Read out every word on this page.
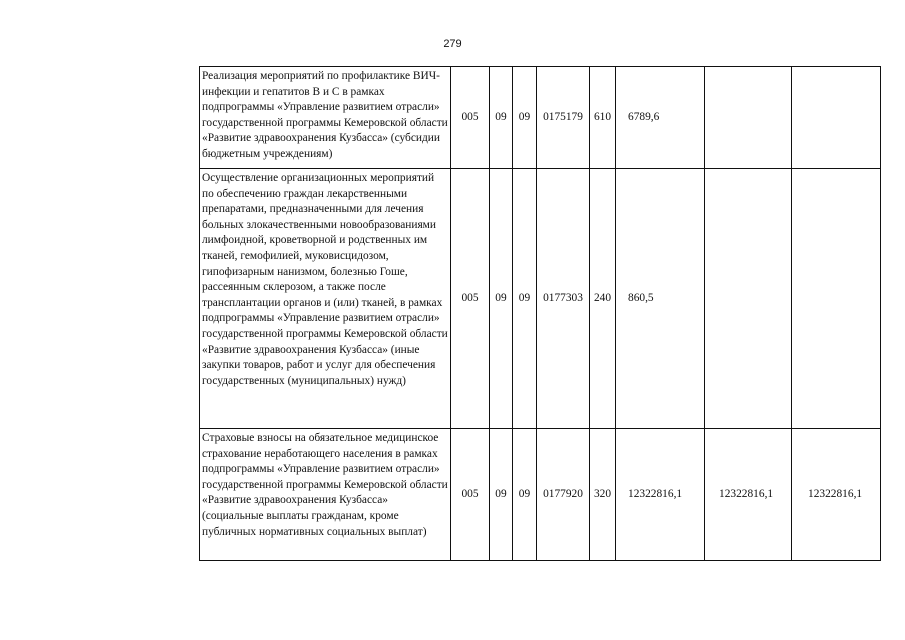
279
Реализация мероприятий по профилактике ВИЧ-инфекции и гепатитов В и С в рамках подпрограммы «Управление развитием отрасли» государственной программы Кемеровской области «Развитие здравоохранения Кузбасса» (субсидии бюджетным учреждениям)	005	09	09	0175179	610	6789,6		
Осуществление организационных мероприятий по обеспечению граждан лекарственными препаратами, предназначенными для лечения больных злокачественными новообразованиями лимфоидной, кроветворной и родственных им тканей, гемофилией, муковисцидозом, гипофизарным нанизмом, болезнью Гоше, рассеянным склерозом, а также после трансплантации органов и (или) тканей, в рамках подпрограммы «Управление развитием отрасли» государственной программы Кемеровской области «Развитие здравоохранения Кузбасса» (иные закупки товаров, работ и услуг для обеспечения государственных (муниципальных) нужд)	005	09	09	0177303	240	860,5		
Страховые взносы на обязательное медицинское страхование неработающего населения в рамках подпрограммы «Управление развитием отрасли» государственной программы Кемеровской области «Развитие здравоохранения Кузбасса» (социальные выплаты гражданам, кроме публичных нормативных социальных выплат)	005	09	09	0177920	320	12322816,1	12322816,1	12322816,1
